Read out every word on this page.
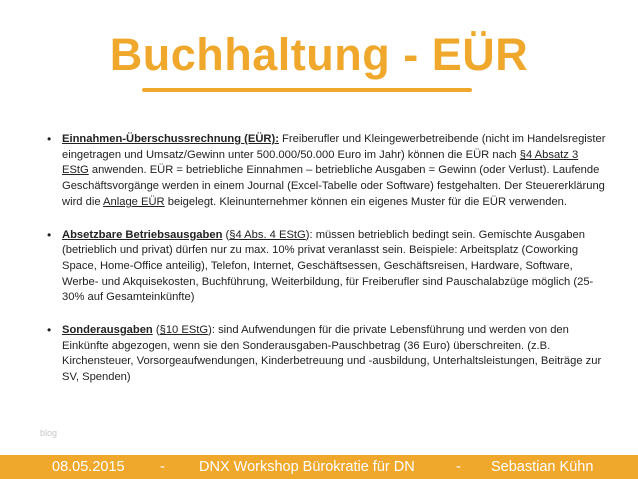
Buchhaltung - EÜR
• Einnahmen-Überschussrechnung (EÜR): Freiberufler und Kleingewerbetreibende (nicht im Handelsregister eingetragen und Umsatz/Gewinn unter 500.000/50.000 Euro im Jahr) können die EÜR nach §4 Absatz 3 EStG anwenden. EÜR = betriebliche Einnahmen – betriebliche Ausgaben = Gewinn (oder Verlust). Laufende Geschäftsvorgänge werden in einem Journal (Excel-Tabelle oder Software) festgehalten. Der Steuererklärung wird die Anlage EÜR beigelegt. Kleinunternehmer können ein eigenes Muster für die EÜR verwenden.
• Absetzbare Betriebsausgaben (§4 Abs. 4 EStG): müssen betrieblich bedingt sein. Gemischte Ausgaben (betrieblich und privat) dürfen nur zu max. 10% privat veranlasst sein. Beispiele: Arbeitsplatz (Coworking Space, Home-Office anteilig), Telefon, Internet, Geschäftsessen, Geschäftsreisen, Hardware, Software, Werbe- und Akquisekosten, Buchführung, Weiterbildung, für Freiberufler sind Pauschalabzüge möglich (25-30% auf Gesamteinkünfte)
• Sonderausgaben (§10 EStG): sind Aufwendungen für die private Lebensführung und werden von den Einkünfte abgezogen, wenn sie den Sonderausgaben-Pauschbetrag (36 Euro) überschreiten. (z.B. Kirchensteuer, Vorsorgeaufwendungen, Kinderbetreuung und -ausbildung, Unterhaltsleistungen, Beiträge zur SV, Spenden)
blog
08.05.2015 - DNX Workshop Bürokratie für DN	- Sebastian Kühn
